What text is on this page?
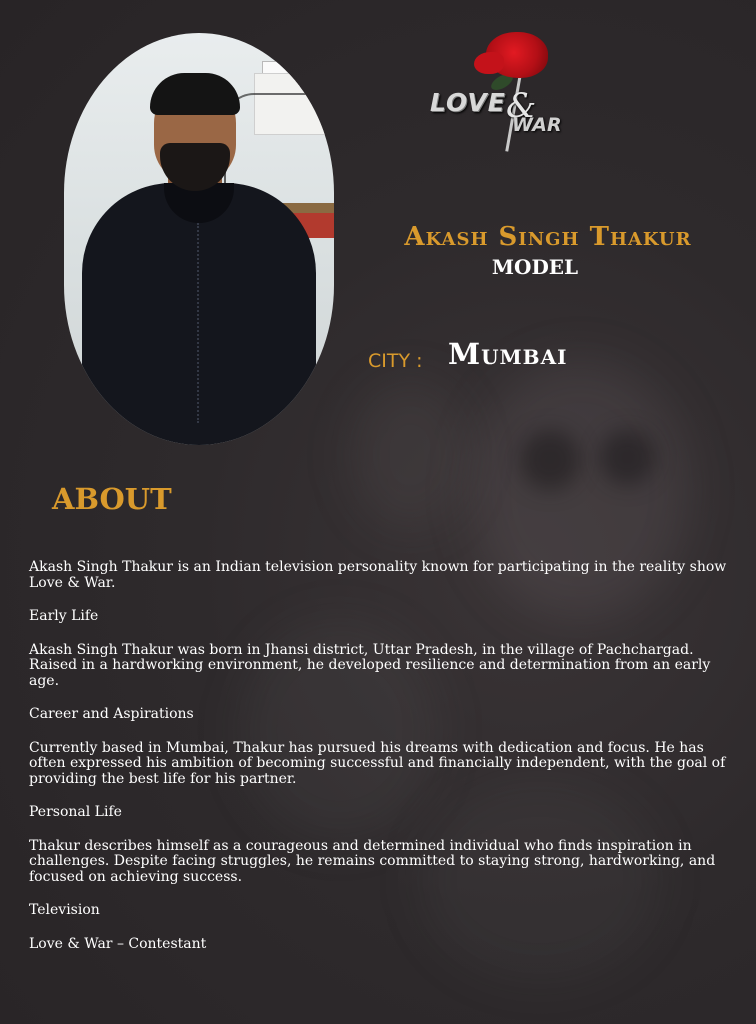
LOVE &
WAR
Akash Singh Thakur
MODEL
CITY : Mumbai
ABOUT

Akash Singh Thakur is an Indian television personality known for participating in the reality show Love & War.

Early Life

Akash Singh Thakur was born in Jhansi district, Uttar Pradesh, in the village of Pachchargad. Raised in a hardworking environment, he developed resilience and determination from an early age.

Career and Aspirations

Currently based in Mumbai, Thakur has pursued his dreams with dedication and focus. He has often expressed his ambition of becoming successful and financially independent, with the goal of providing the best life for his partner.

Personal Life

Thakur describes himself as a courageous and determined individual who finds inspiration in challenges. Despite facing struggles, he remains committed to staying strong, hardworking, and focused on achieving success.

Television

Love & War – Contestant
